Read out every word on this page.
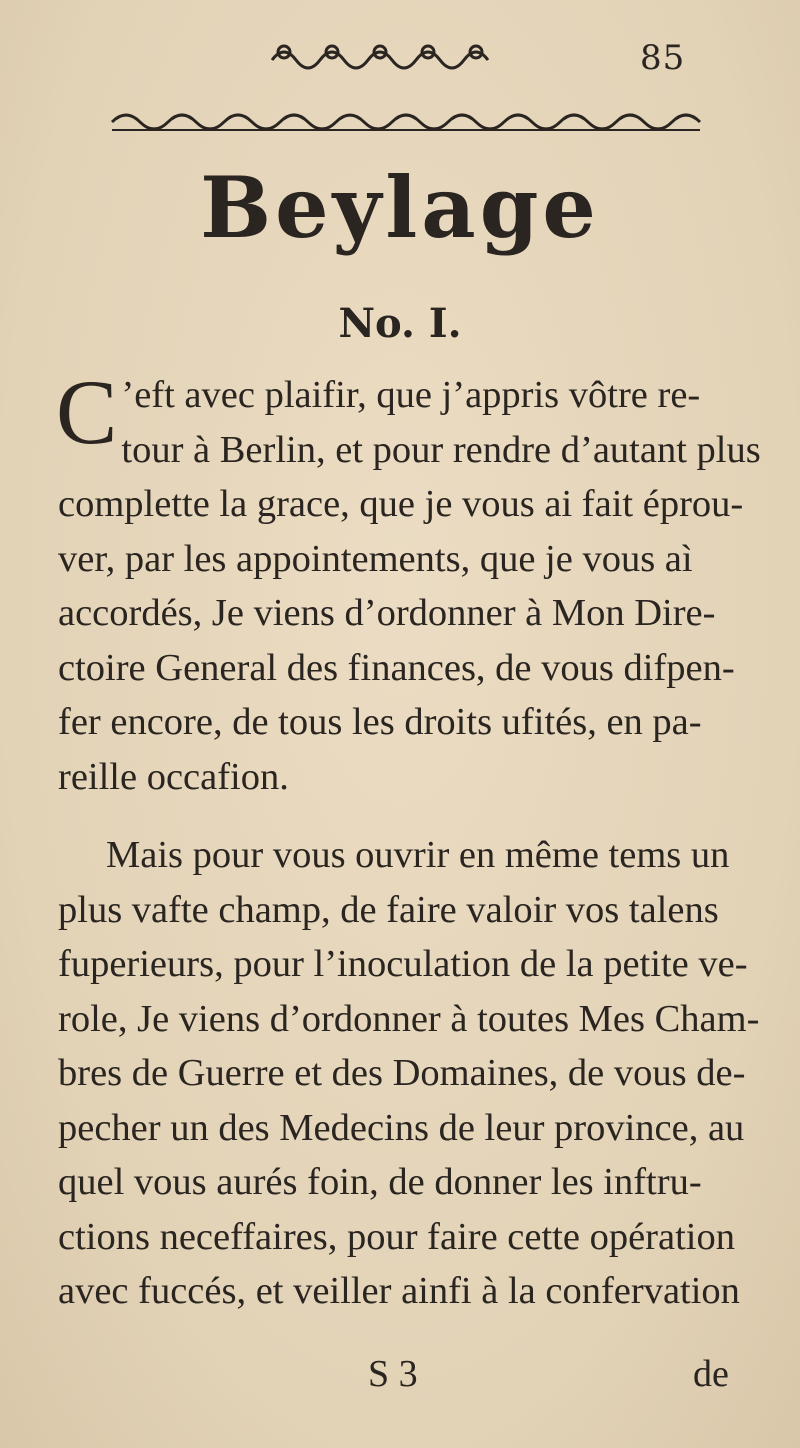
85
Beylage
No. I.
C ’eft avec plaifir, que j’appris vôtre re-
tour à Berlin, et pour rendre d’autant plus
complette la grace, que je vous ai fait éprou-
ver, par les appointements, que je vous aì
accordés, Je viens d’ordonner à Mon Dire-
ctoire General des finances, de vous difpen-
fer encore, de tous les droits ufités, en pa-
reille occafion.
Mais pour vous ouvrir en même tems un
plus vafte champ, de faire valoir vos talens
fuperieurs, pour l’inoculation de la petite ve-
role, Je viens d’ordonner à toutes Mes Cham-
bres de Guerre et des Domaines, de vous de-
pecher un des Medecins de leur province, au
quel vous aurés foin, de donner les inftru-
ctions neceffaires, pour faire cette opération
avec fuccés, et veiller ainfi à la confervation
S 3	de
